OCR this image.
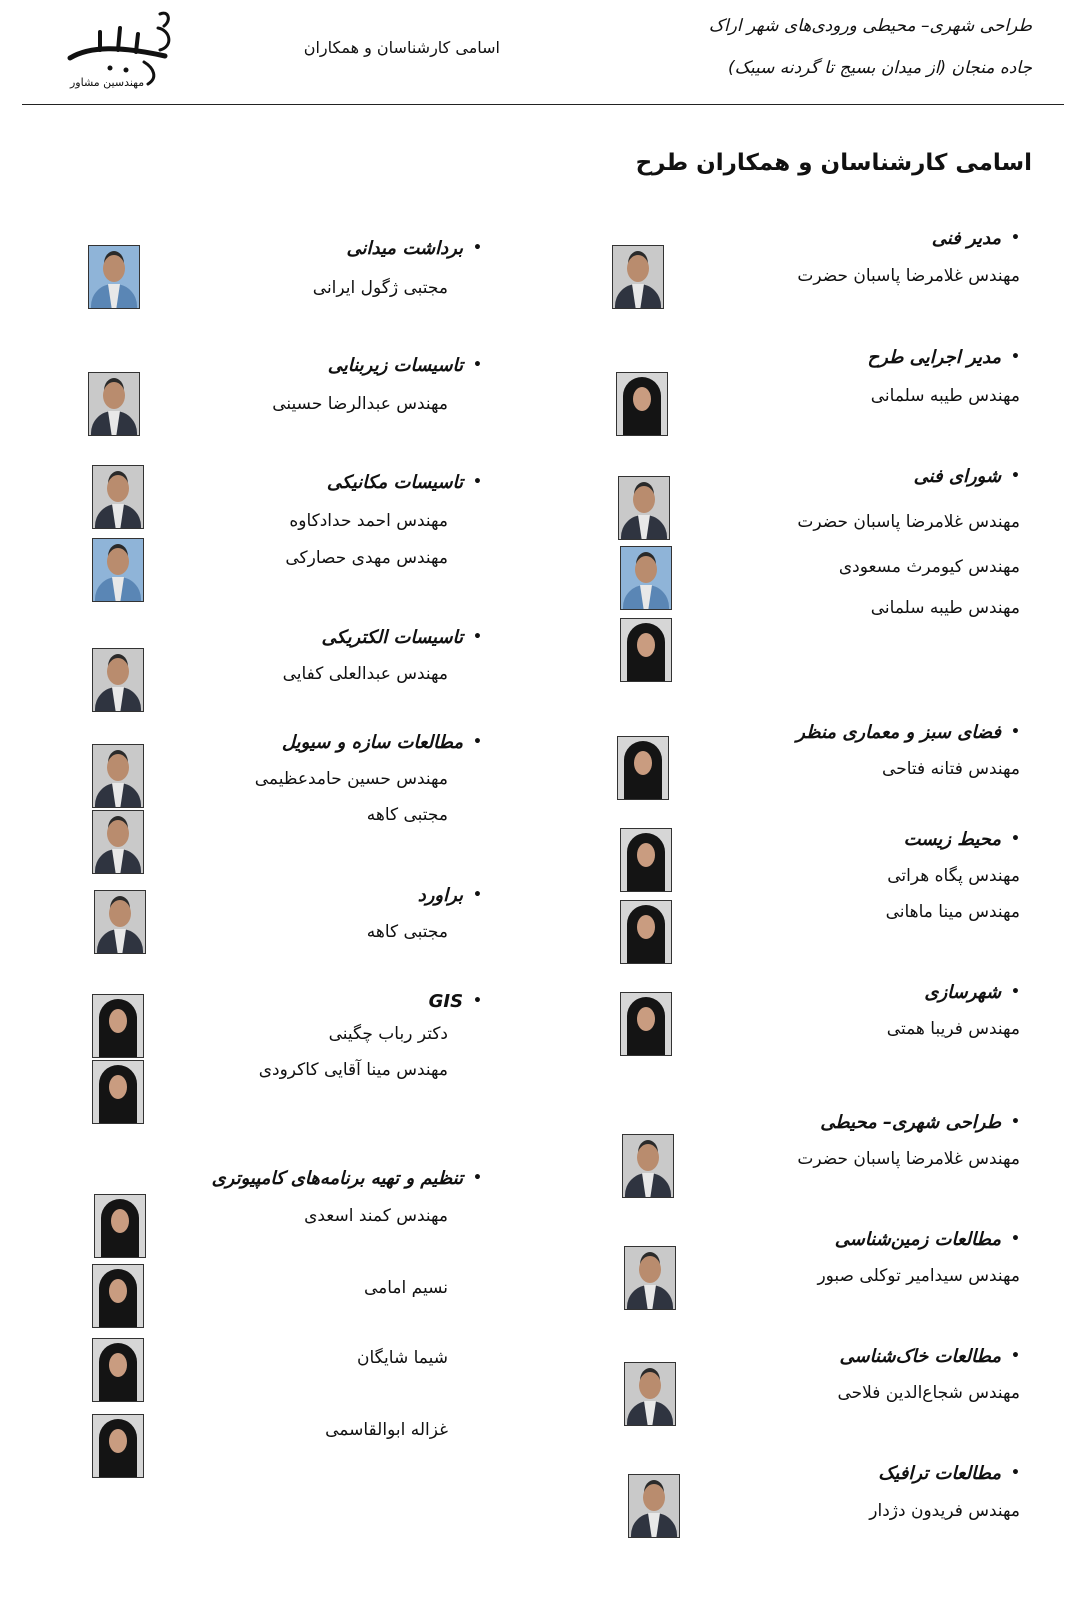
طراحی شهری– محیطی ورودی‌های شهر اراک
جاده منجان (از میدان بسیج تا گردنه سیبک)
اسامی کارشناسان و همکاران
مهندسین مشاور
باغ شهر
اسامی کارشناسان و همکاران طرح
•مدیر فنی
مهندس غلامرضا پاسبان حضرت
•مدیر اجرایی طرح
مهندس طیبه سلمانی
•شورای فنی
مهندس غلامرضا پاسبان حضرت
مهندس کیومرث مسعودی
مهندس طیبه سلمانی
•فضای سبز و معماری منظر
مهندس فتانه فتاحی
•محیط زیست
مهندس پگاه هراتی
مهندس مینا ماهانی
•شهرسازی
مهندس فریبا همتی
•طراحی شهری– محیطی
مهندس غلامرضا پاسبان حضرت
•مطالعات زمین‌شناسی
مهندس سیدامیر توکلی صبور
•مطالعات خاک‌شناسی
مهندس شجاع‌الدین فلاحی
•مطالعات ترافیک
مهندس فریدون دژدار
•برداشت میدانی
مجتبی ژگول ایرانی
•تاسیسات زیربنایی
مهندس عبدالرضا حسینی
•تاسیسات مکانیکی
مهندس احمد حدادکاوه
مهندس مهدی حصارکی
•تاسیسات الکتریکی
مهندس عبدالعلی کفایی
•مطالعات سازه و سیویل
مهندس حسین حامدعظیمی
مجتبی کاهه
•براورد
مجتبی کاهه
•GIS
دکتر رباب چگینی
مهندس مینا آقایی کاکرودی
•تنظیم و تهیه برنامه‌های کامپیوتری
مهندس کمند اسعدی
نسیم امامی
شیما شایگان
غزاله ابوالقاسمی
